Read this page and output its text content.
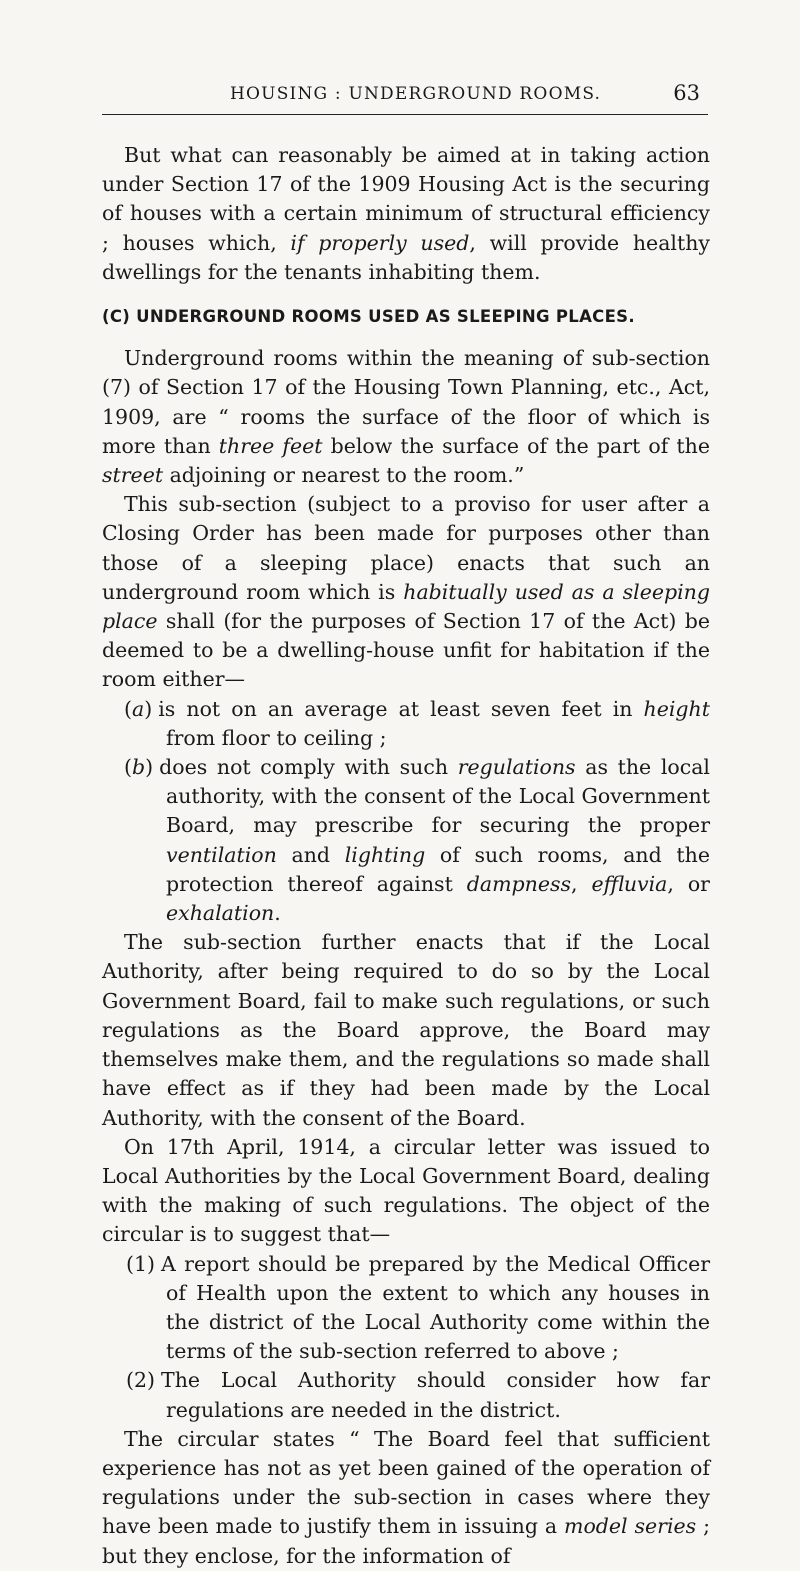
HOUSING : UNDERGROUND ROOMS.	63

But what can reasonably be aimed at in taking action under Section 17 of the 1909 Housing Act is the securing of houses with a certain minimum of structural efficiency ; houses which, if properly used, will provide healthy dwellings for the tenants inhabiting them.

(C) UNDERGROUND ROOMS USED AS SLEEPING PLACES.

Underground rooms within the meaning of sub-section (7) of Section 17 of the Housing Town Planning, etc., Act, 1909, are “ rooms the surface of the floor of which is more than three feet below the surface of the part of the street adjoining or nearest to the room.”

This sub-section (subject to a proviso for user after a Closing Order has been made for purposes other than those of a sleeping place) enacts that such an underground room which is habitually used as a sleeping place shall (for the purposes of Section 17 of the Act) be deemed to be a dwelling-house unfit for habitation if the room either—

(a) is not on an average at least seven feet in height from floor to ceiling ;

(b) does not comply with such regulations as the local authority, with the consent of the Local Government Board, may prescribe for securing the proper ventilation and lighting of such rooms, and the protection thereof against dampness, effluvia, or exhalation.

The sub-section further enacts that if the Local Authority, after being required to do so by the Local Government Board, fail to make such regulations, or such regulations as the Board approve, the Board may themselves make them, and the regulations so made shall have effect as if they had been made by the Local Authority, with the consent of the Board.

On 17th April, 1914, a circular letter was issued to Local Authorities by the Local Government Board, dealing with the making of such regulations. The object of the circular is to suggest that—

(1) A report should be prepared by the Medical Officer of Health upon the extent to which any houses in the district of the Local Authority come within the terms of the sub-section referred to above ;

(2) The Local Authority should consider how far regulations are needed in the district.

The circular states “ The Board feel that sufficient experience has not as yet been gained of the operation of regulations under the sub-section in cases where they have been made to justify them in issuing a model series ; but they enclose, for the information of
